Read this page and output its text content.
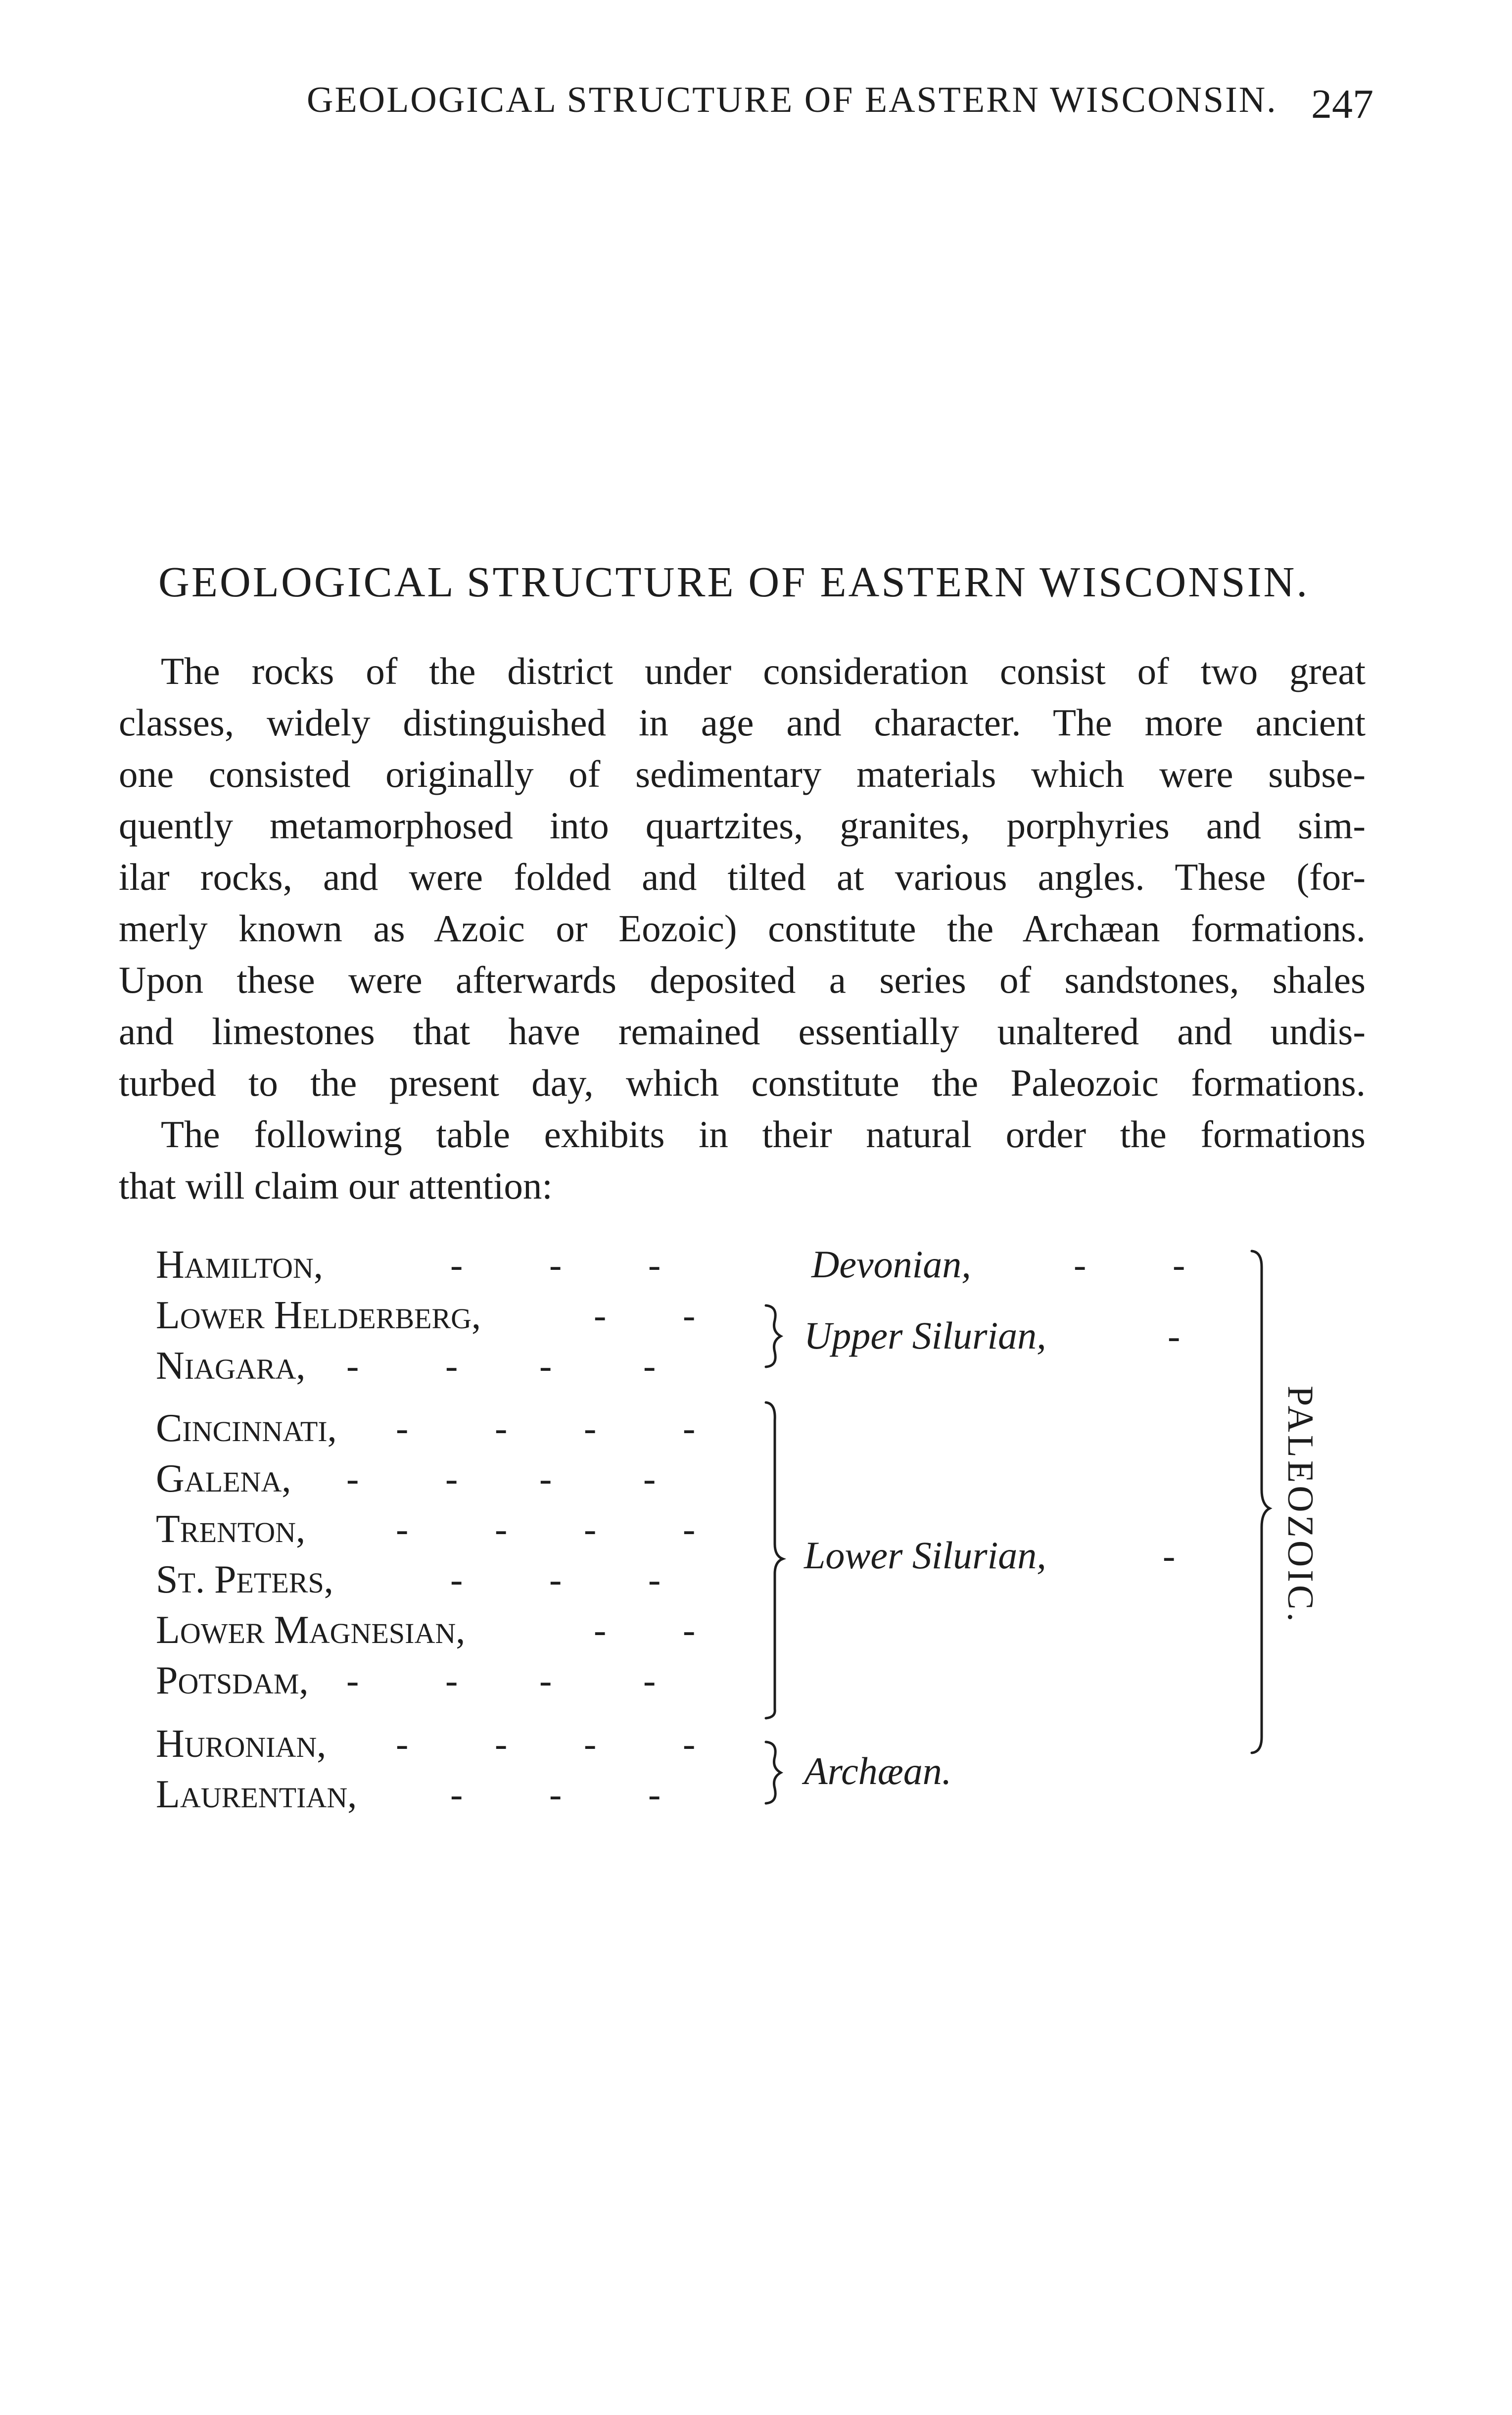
GEOLOGICAL STRUCTURE OF EASTERN WISCONSIN. 247
GEOLOGICAL STRUCTURE OF EASTERN WISCONSIN.
The rocks of the district under consideration consist of two great
classes, widely distinguished in age and character. The more ancient
one consisted originally of sedimentary materials which were subse-
quently metamorphosed into quartzites, granites, porphyries and sim-
ilar rocks, and were folded and tilted at various angles. These (for-
merly known as Azoic or Eozoic) constitute the Archæan formations.
Upon these were afterwards deposited a series of sandstones, shales
and limestones that have remained essentially unaltered and undis-
turbed to the present day, which constitute the Paleozoic formations.
The following table exhibits in their natural order the formations
that will claim our attention:
HAMILTON,
LOWER HELDERBERG,
NIAGARA,
CINCINNATI,
GALENA,
TRENTON,
ST. PETERS,
LOWER MAGNESIAN,
POTSDAM,
HURONIAN,
LAURENTIAN,
- - -
- -
- - - -
- - - -
- - - -
- - - -
- - -
- -
- - - -
- - - -
- - -
Devonian,
Upper Silurian,
Lower Silurian,
Archæan.
- -
-
-	PALEOZOIC.
